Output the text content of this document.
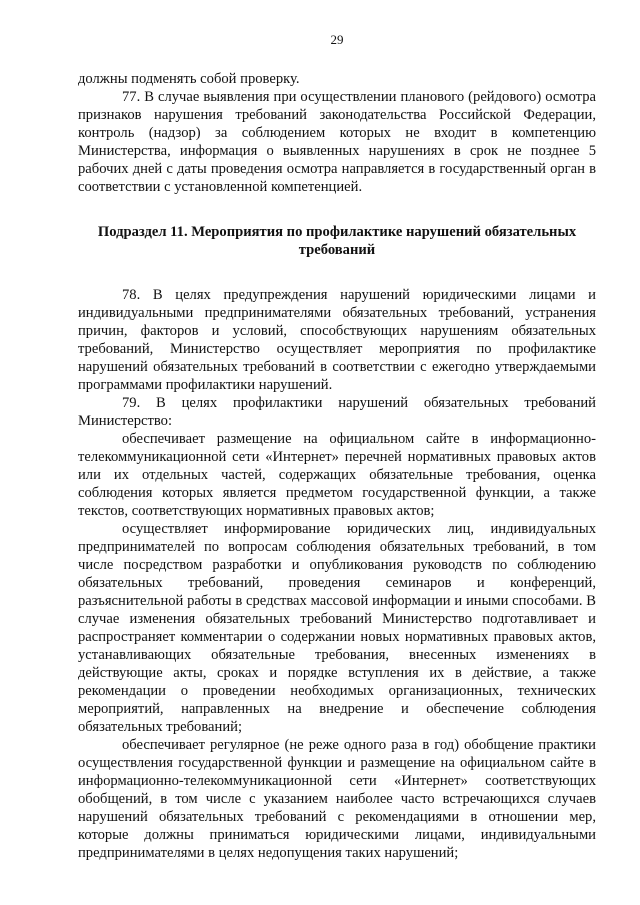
29

должны подменять собой проверку.

77. В случае выявления при осуществлении планового (рейдового) осмотра признаков нарушения требований законодательства Российской Федерации, контроль (надзор) за соблюдением которых не входит в компетенцию Министерства, информация о выявленных нарушениях в срок не позднее 5 рабочих дней с даты проведения осмотра направляется в государственный орган в соответствии с установленной компетенцией.

Подраздел 11. Мероприятия по профилактике нарушений обязательных требований

78. В целях предупреждения нарушений юридическими лицами и индивидуальными предпринимателями обязательных требований, устранения причин, факторов и условий, способствующих нарушениям обязательных требований, Министерство осуществляет мероприятия по профилактике нарушений обязательных требований в соответствии с ежегодно утверждаемыми программами профилактики нарушений.

79. В целях профилактики нарушений обязательных требований Министерство:

обеспечивает размещение на официальном сайте в информационно-телекоммуникационной сети «Интернет» перечней нормативных правовых актов или их отдельных частей, содержащих обязательные требования, оценка соблюдения которых является предметом государственной функции, а также текстов, соответствующих нормативных правовых актов;

осуществляет информирование юридических лиц, индивидуальных предпринимателей по вопросам соблюдения обязательных требований, в том числе посредством разработки и опубликования руководств по соблюдению обязательных требований, проведения семинаров и конференций, разъяснительной работы в средствах массовой информации и иными способами. В случае изменения обязательных требований Министерство подготавливает и распространяет комментарии о содержании новых нормативных правовых актов, устанавливающих обязательные требования, внесенных изменениях в действующие акты, сроках и порядке вступления их в действие, а также рекомендации о проведении необходимых организационных, технических мероприятий, направленных на внедрение и обеспечение соблюдения обязательных требований;

обеспечивает регулярное (не реже одного раза в год) обобщение практики осуществления государственной функции и размещение на официальном сайте в информационно-телекоммуникационной сети «Интернет» соответствующих обобщений, в том числе с указанием наиболее часто встречающихся случаев нарушений обязательных требований с рекомендациями в отношении мер, которые должны приниматься юридическими лицами, индивидуальными предпринимателями в целях недопущения таких нарушений;
